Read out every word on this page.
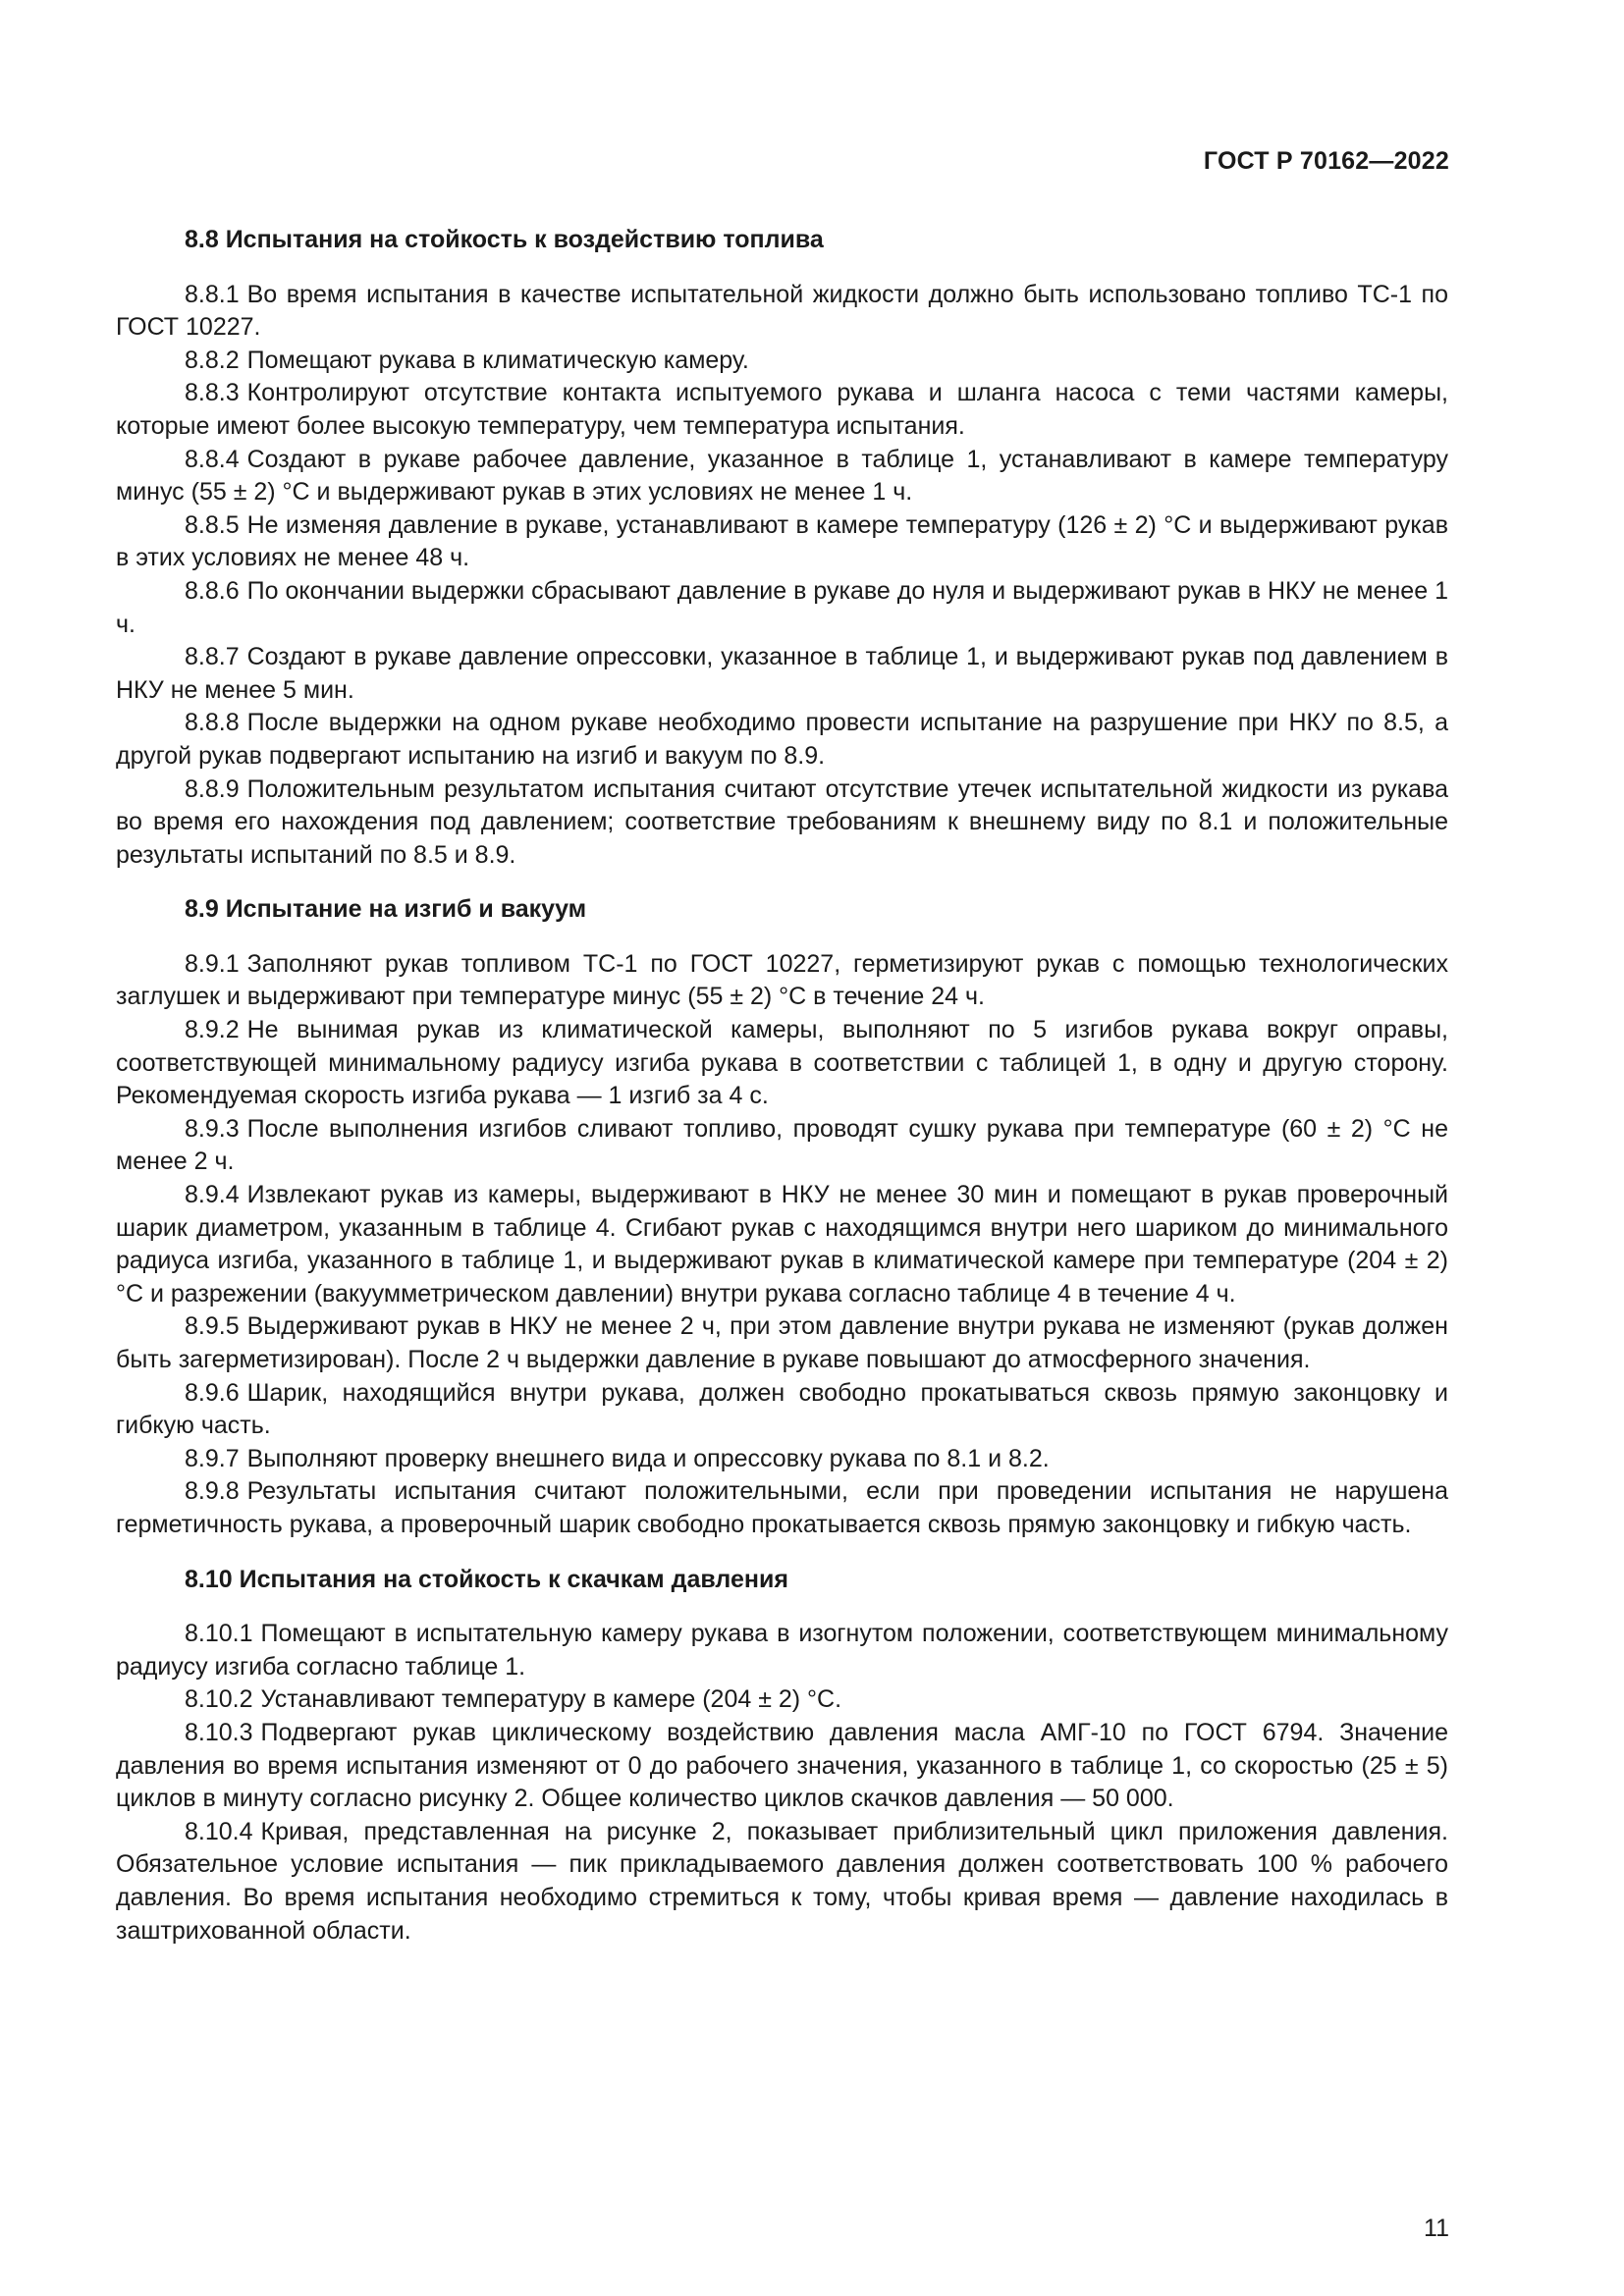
ГОСТ Р 70162—2022
8.8 Испытания на стойкость к воздействию топлива

8.8.1 Во время испытания в качестве испытательной жидкости должно быть использовано топливо ТС-1 по ГОСТ 10227.

8.8.2 Помещают рукава в климатическую камеру.

8.8.3 Контролируют отсутствие контакта испытуемого рукава и шланга насоса с теми частями камеры, которые имеют более высокую температуру, чем температура испытания.

8.8.4 Создают в рукаве рабочее давление, указанное в таблице 1, устанавливают в камере температуру минус (55 ± 2) °С и выдерживают рукав в этих условиях не менее 1 ч.

8.8.5 Не изменяя давление в рукаве, устанавливают в камере температуру (126 ± 2) °С и выдерживают рукав в этих условиях не менее 48 ч.

8.8.6 По окончании выдержки сбрасывают давление в рукаве до нуля и выдерживают рукав в НКУ не менее 1 ч.

8.8.7 Создают в рукаве давление опрессовки, указанное в таблице 1, и выдерживают рукав под давлением в НКУ не менее 5 мин.

8.8.8 После выдержки на одном рукаве необходимо провести испытание на разрушение при НКУ по 8.5, а другой рукав подвергают испытанию на изгиб и вакуум по 8.9.

8.8.9 Положительным результатом испытания считают отсутствие утечек испытательной жидкости из рукава во время его нахождения под давлением; соответствие требованиям к внешнему виду по 8.1 и положительные результаты испытаний по 8.5 и 8.9.

8.9 Испытание на изгиб и вакуум

8.9.1 Заполняют рукав топливом ТС-1 по ГОСТ 10227, герметизируют рукав с помощью технологических заглушек и выдерживают при температуре минус (55 ± 2) °С в течение 24 ч.

8.9.2 Не вынимая рукав из климатической камеры, выполняют по 5 изгибов рукава вокруг оправы, соответствующей минимальному радиусу изгиба рукава в соответствии с таблицей 1, в одну и другую сторону. Рекомендуемая скорость изгиба рукава — 1 изгиб за 4 с.

8.9.3 После выполнения изгибов сливают топливо, проводят сушку рукава при температуре (60 ± 2) °С не менее 2 ч.

8.9.4 Извлекают рукав из камеры, выдерживают в НКУ не менее 30 мин и помещают в рукав проверочный шарик диаметром, указанным в таблице 4. Сгибают рукав с находящимся внутри него шариком до минимального радиуса изгиба, указанного в таблице 1, и выдерживают рукав в климатической камере при температуре (204 ± 2) °С и разрежении (вакуумметрическом давлении) внутри рукава согласно таблице 4 в течение 4 ч.

8.9.5 Выдерживают рукав в НКУ не менее 2 ч, при этом давление внутри рукава не изменяют (рукав должен быть загерметизирован). После 2 ч выдержки давление в рукаве повышают до атмосферного значения.

8.9.6 Шарик, находящийся внутри рукава, должен свободно прокатываться сквозь прямую законцовку и гибкую часть.

8.9.7 Выполняют проверку внешнего вида и опрессовку рукава по 8.1 и 8.2.

8.9.8 Результаты испытания считают положительными, если при проведении испытания не нарушена герметичность рукава, а проверочный шарик свободно прокатывается сквозь прямую законцовку и гибкую часть.

8.10 Испытания на стойкость к скачкам давления

8.10.1 Помещают в испытательную камеру рукава в изогнутом положении, соответствующем минимальному радиусу изгиба согласно таблице 1.

8.10.2 Устанавливают температуру в камере (204 ± 2) °С.

8.10.3 Подвергают рукав циклическому воздействию давления масла АМГ-10 по ГОСТ 6794. Значение давления во время испытания изменяют от 0 до рабочего значения, указанного в таблице 1, со скоростью (25 ± 5) циклов в минуту согласно рисунку 2. Общее количество циклов скачков давления — 50 000.

8.10.4 Кривая, представленная на рисунке 2, показывает приблизительный цикл приложения давления. Обязательное условие испытания — пик прикладываемого давления должен соответствовать 100 % рабочего давления. Во время испытания необходимо стремиться к тому, чтобы кривая время — давление находилась в заштрихованной области.

11
